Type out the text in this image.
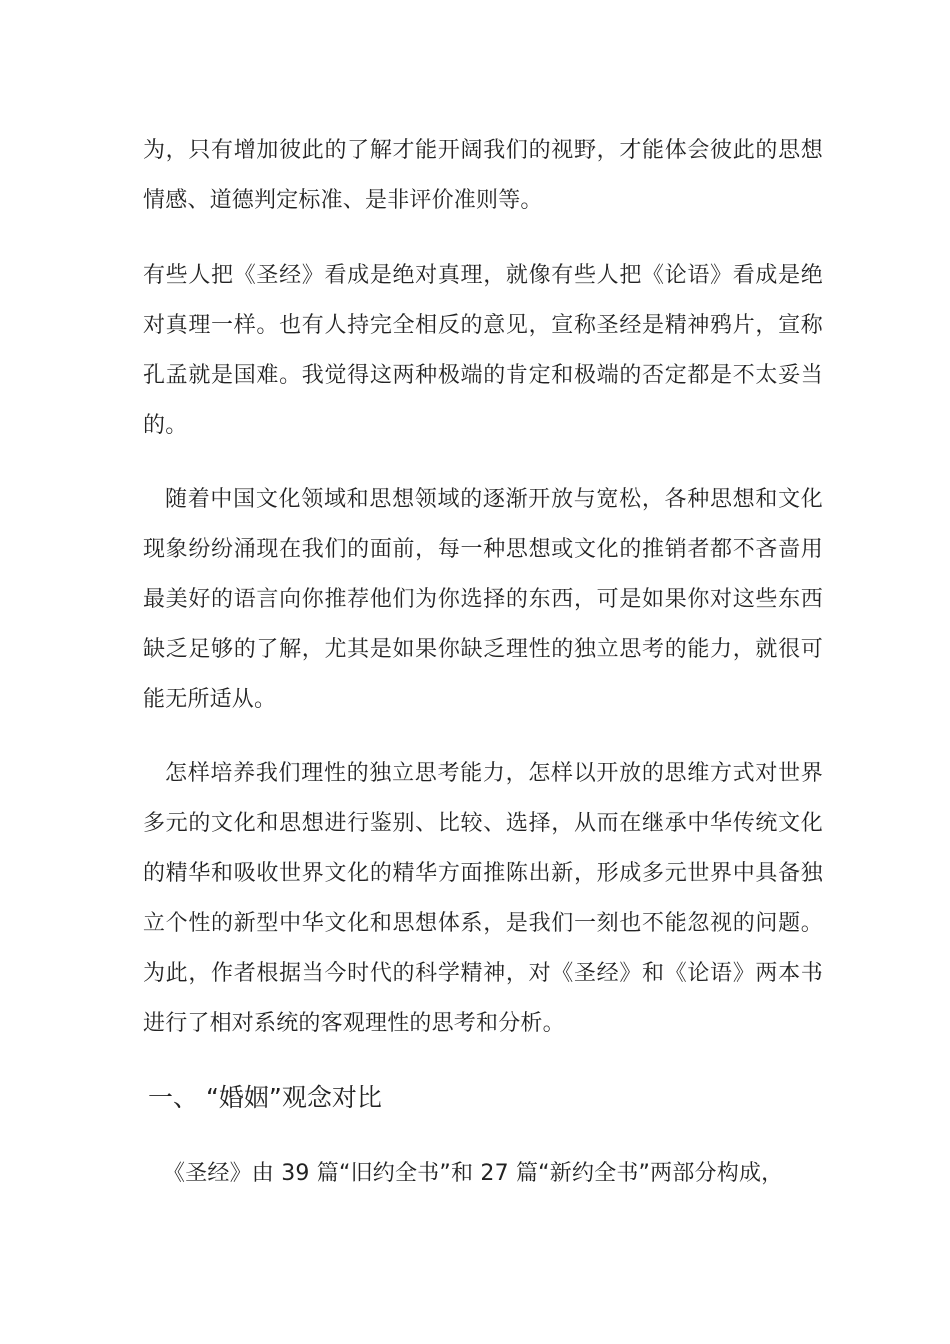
为，只有增加彼此的了解才能开阔我们的视野，才能体会彼此的思想情感、道德判定标准、是非评价准则等。

有些人把《圣经》看成是绝对真理，就像有些人把《论语》看成是绝对真理一样。也有人持完全相反的意见，宣称圣经是精神鸦片，宣称孔孟就是国难。我觉得这两种极端的肯定和极端的否定都是不太妥当的。

随着中国文化领域和思想领域的逐渐开放与宽松，各种思想和文化现象纷纷涌现在我们的面前，每一种思想或文化的推销者都不吝啬用最美好的语言向你推荐他们为你选择的东西，可是如果你对这些东西缺乏足够的了解，尤其是如果你缺乏理性的独立思考的能力，就很可能无所适从。

怎样培养我们理性的独立思考能力，怎样以开放的思维方式对世界多元的文化和思想进行鉴别、比较、选择，从而在继承中华传统文化的精华和吸收世界文化的精华方面推陈出新，形成多元世界中具备独立个性的新型中华文化和思想体系，是我们一刻也不能忽视的问题。为此，作者根据当今时代的科学精神，对《圣经》和《论语》两本书进行了相对系统的客观理性的思考和分析。

一、 “婚姻”观念对比

《圣经》由 39 篇“旧约全书”和 27 篇“新约全书”两部分构成，
